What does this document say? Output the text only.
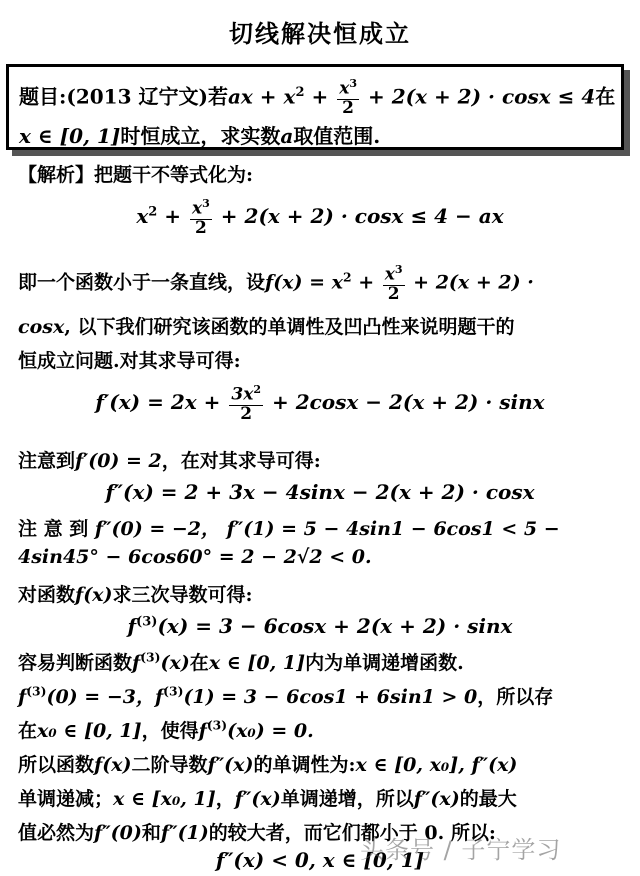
切线解决恒成立
题目:(2013 辽宁文)若ax + $x^2 + \frac{x^3}{2} + 2(x + 2) \cdot \cos x \le 4$在
x ∈ [0, 1]时恒成立，求实数a取值范围.
【解析】把题干不等式化为:
$x^2 + \frac{x^3}{2} + 2(x + 2) \cdot \cos x \le 4$ − ax
即一个函数小于一条直线，设$f(x) = x^2 + \frac{x^3}{2} + 2(x + 2)$ ·
cosx, 以下我们研究该函数的单调性及凹凸性来说明题干的
恒成立问题.对其求导可得:
$f'(x) = 2x + \frac{3x^2}{2} + 2\cos x - 2(x + 2) \cdot \sin x$
注意到f′(0) = 2，在对其求导可得:
f″(x) = 2 + 3x − 4sinx − 2(x + 2) · cosx
注 意 到 f″(0) = −2， f″(1) = 5 − 4sin1 − 6cos1 < 5 −
4sin45° − 6cos60° = 2 − 2√2 < 0.
对函数f(x)求三次导数可得:
$f^{(3)}(x) = 3 - 6\cos x + 2(x + 2) \cdot \sin x$
容易判断函数$f^{(3)}(x)$在x ∈ [0, 1]内为单调递增函数.
$f^{(3)}(0) = -3$，$f^{(3)}(1) = 3 - 6\cos 1 + 6\sin 1 > 0$，所以存
在x₀ ∈ [0, 1]，使得$f^{(3)}(x_0) = 0$.
所以函数f(x)二阶导数f″(x)的单调性为:x ∈ [0, x₀], f″(x)
单调递减；x ∈ [x₀, 1]，f″(x)单调递增，所以f″(x)的最大
值必然为f″(0)和f″(1)的较大者，而它们都小于 0. 所以:
f″(x) < 0, x ∈ [0, 1]
头条号 / 子宁学习
